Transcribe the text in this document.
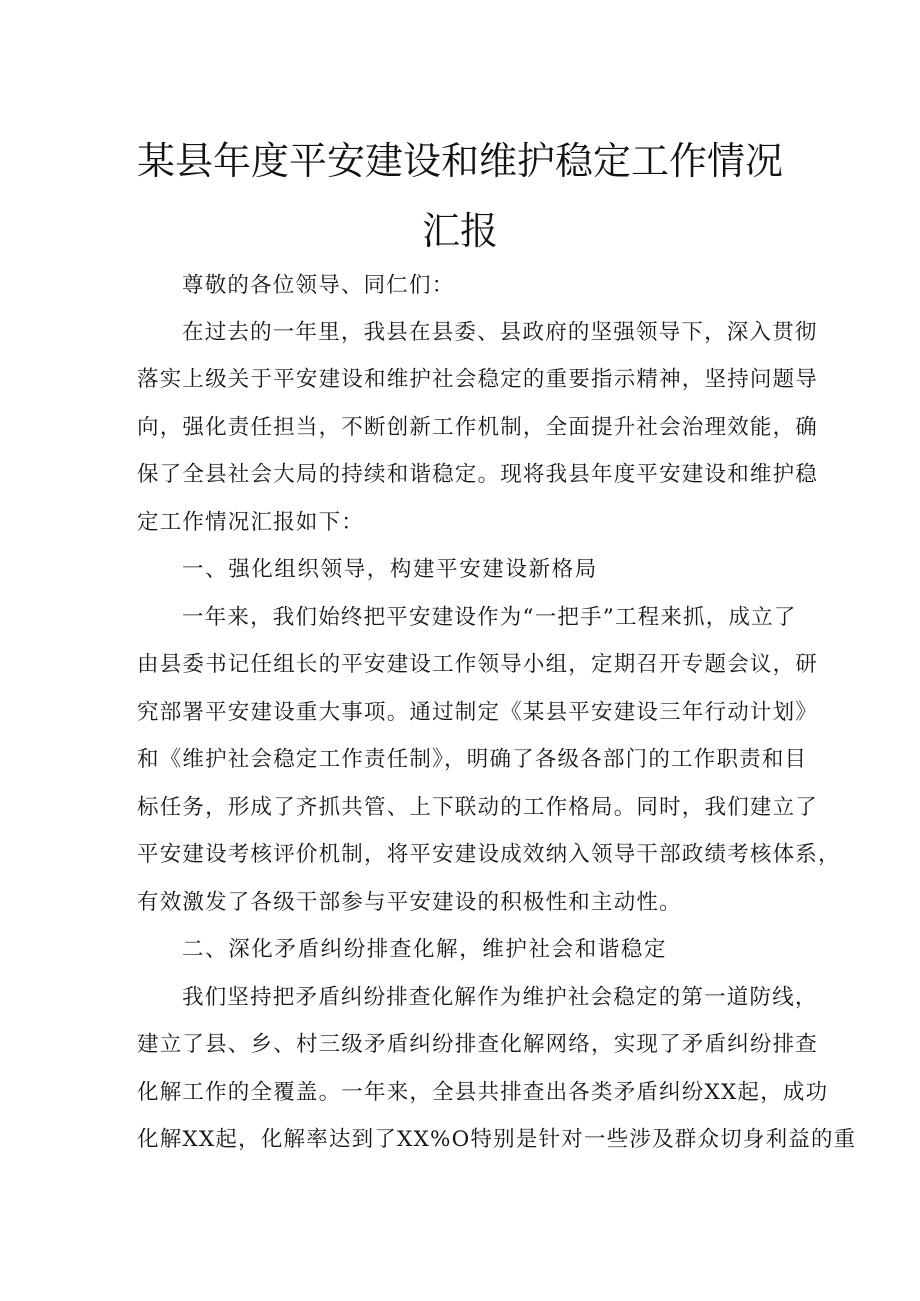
某县年度平安建设和维护稳定工作情况
汇报
尊敬的各位领导、同仁们：
在过去的一年里，我县在县委、县政府的坚强领导下，深入贯彻
落实上级关于平安建设和维护社会稳定的重要指示精神，坚持问题导
向，强化责任担当，不断创新工作机制，全面提升社会治理效能，确
保了全县社会大局的持续和谐稳定。现将我县年度平安建设和维护稳
定工作情况汇报如下：
一、强化组织领导，构建平安建设新格局
一年来，我们始终把平安建设作为“一把手”工程来抓，成立了
由县委书记任组长的平安建设工作领导小组，定期召开专题会议，研
究部署平安建设重大事项。通过制定《某县平安建设三年行动计划》
和《维护社会稳定工作责任制》，明确了各级各部门的工作职责和目
标任务，形成了齐抓共管、上下联动的工作格局。同时，我们建立了
平安建设考核评价机制，将平安建设成效纳入领导干部政绩考核体系，
有效激发了各级干部参与平安建设的积极性和主动性。
二、深化矛盾纠纷排查化解，维护社会和谐稳定
我们坚持把矛盾纠纷排查化解作为维护社会稳定的第一道防线，
建立了县、乡、村三级矛盾纠纷排查化解网络，实现了矛盾纠纷排查
化解工作的全覆盖。一年来，全县共排查出各类矛盾纠纷XX起，成功
化解XX起，化解率达到了XX%O特别是针对一些涉及群众切身利益的重
